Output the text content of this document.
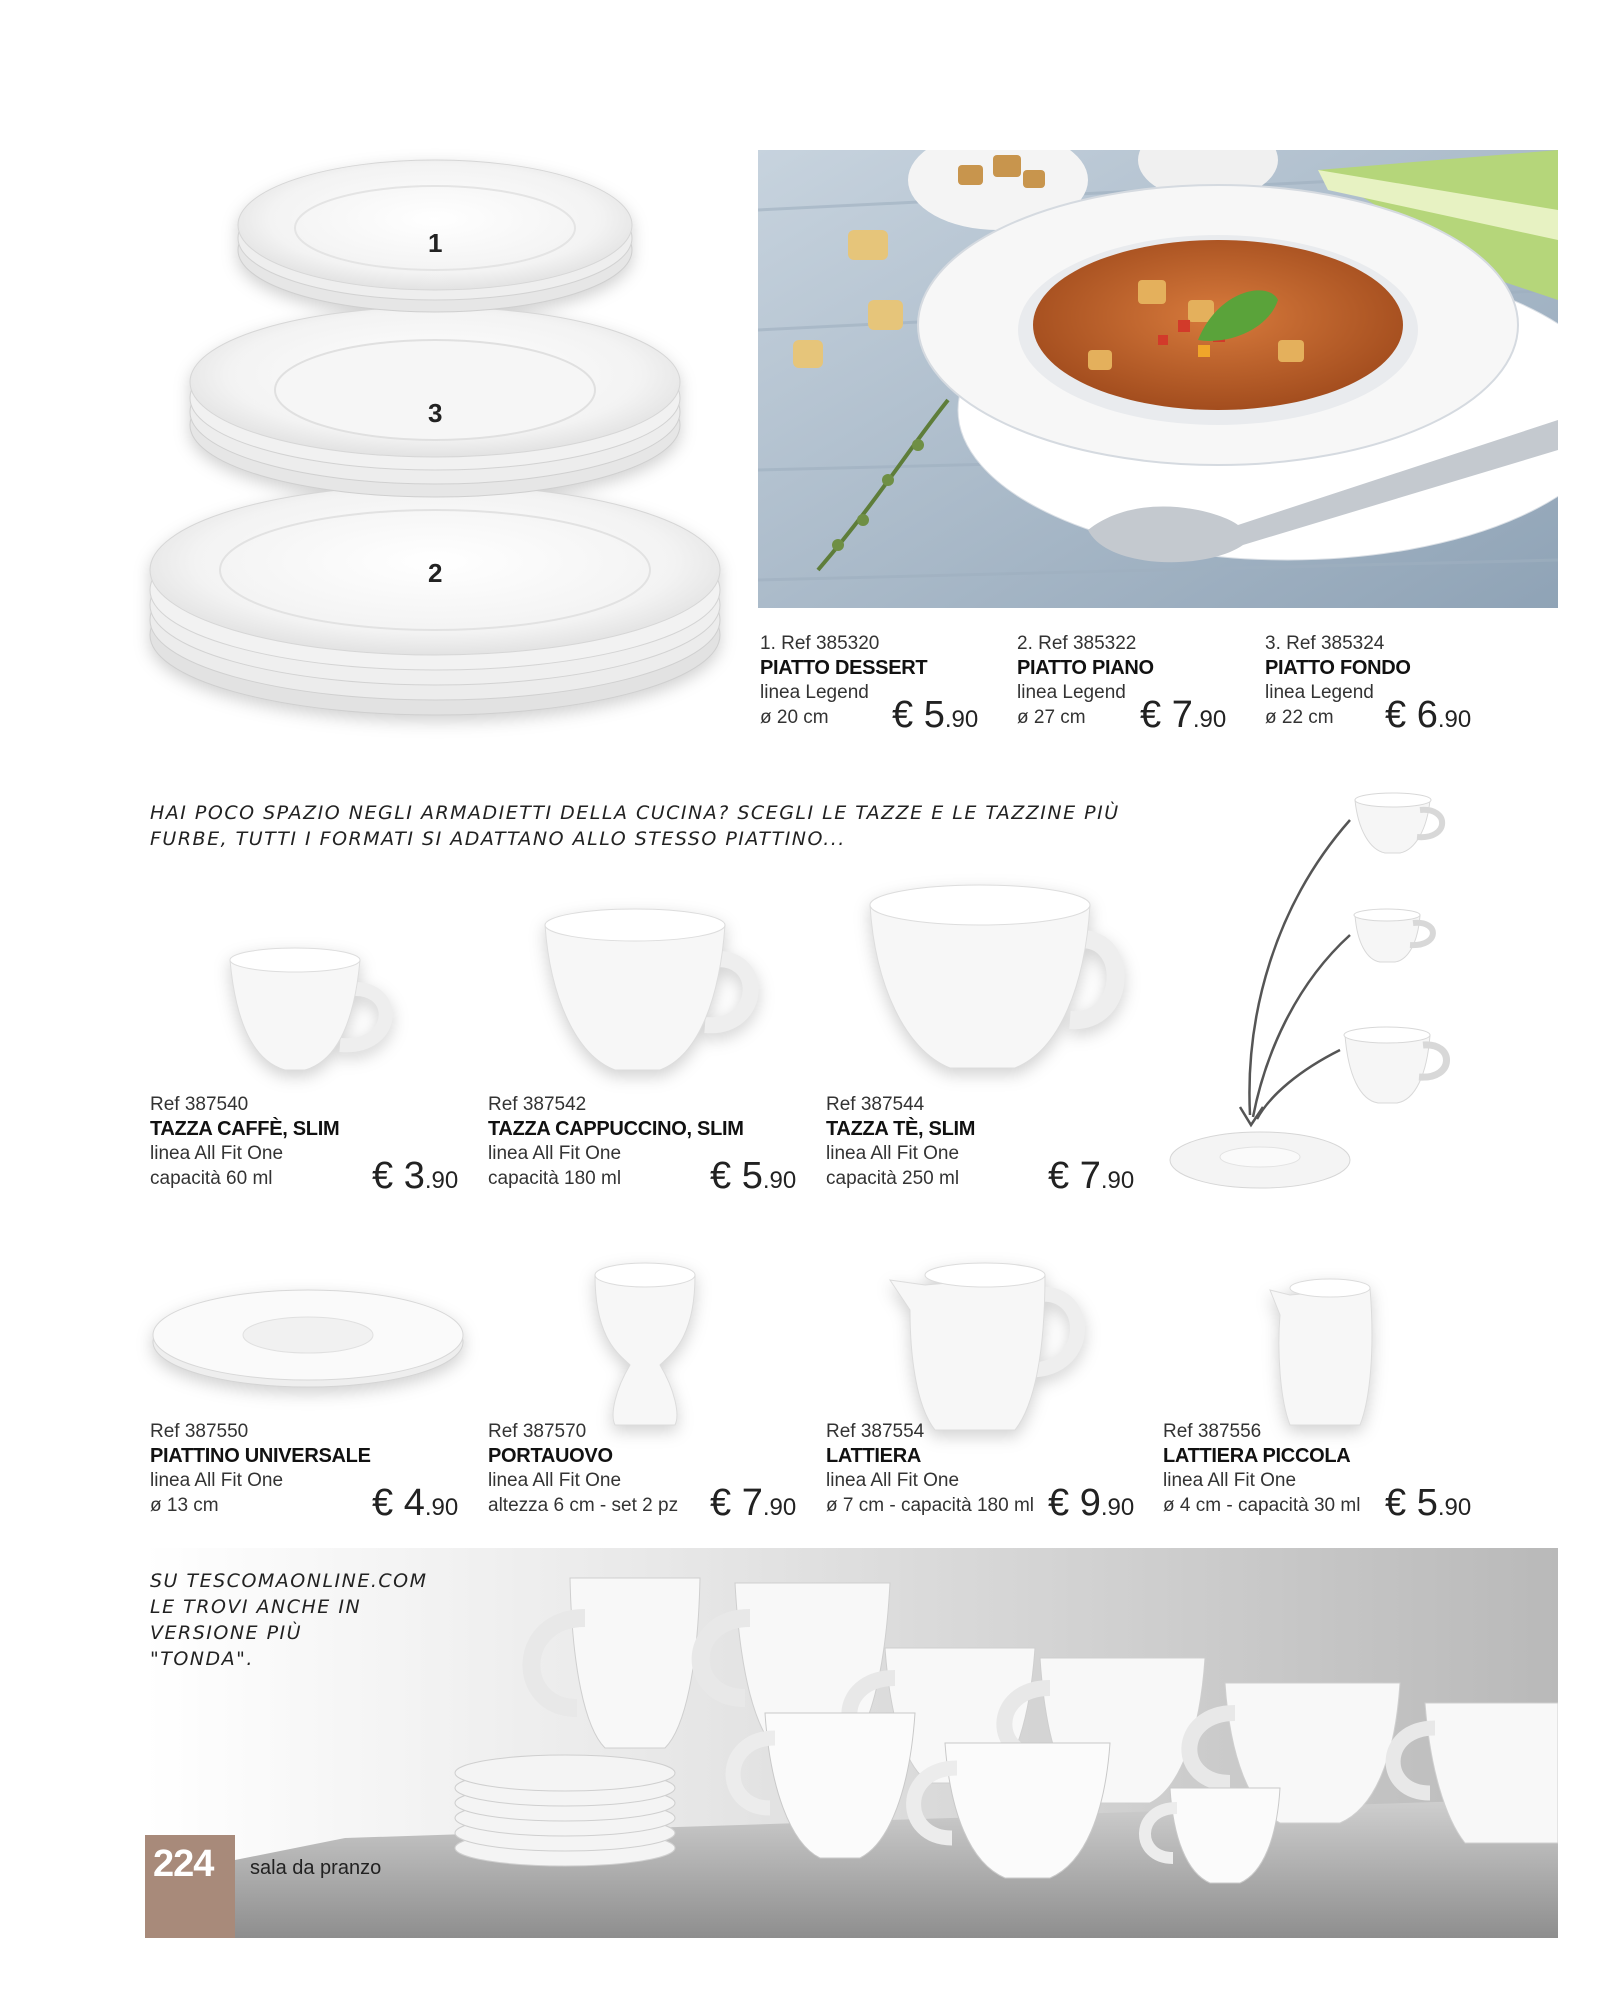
1
3
2
1. Ref 385320
PIATTO DESSERT
linea Legend
ø 20 cm	€ 5.90
2. Ref 385322
PIATTO PIANO
linea Legend
ø 27 cm	€ 7.90
3. Ref 385324
PIATTO FONDO
linea Legend
ø 22 cm	€ 6.90
HAI POCO SPAZIO NEGLI ARMADIETTI DELLA CUCINA? SCEGLI LE TAZZE E LE TAZZINE PIÙ
FURBE, TUTTI I FORMATI SI ADATTANO ALLO STESSO PIATTINO...
Ref 387540
TAZZA CAFFÈ, SLIM
linea All Fit One
capacità 60 ml	€ 3.90
Ref 387542
TAZZA CAPPUCCINO, SLIM
linea All Fit One
capacità 180 ml	€ 5.90
Ref 387544
TAZZA TÈ, SLIM
linea All Fit One
capacità 250 ml	€ 7.90
Ref 387550
PIATTINO UNIVERSALE
linea All Fit One
ø 13 cm	€ 4.90
Ref 387570
PORTAUOVO
linea All Fit One
altezza 6 cm - set 2 pz € 7.90
Ref 387554
LATTIERA
linea All Fit One
ø 7 cm - capacità 180 ml € 9.90
Ref 387556
LATTIERA PICCOLA
linea All Fit One
ø 4 cm - capacità 30 ml € 5.90
SU TESCOMAONLINE.COM
LE TROVI ANCHE IN
VERSIONE PIÙ
"TONDA".
224 sala da pranzo
